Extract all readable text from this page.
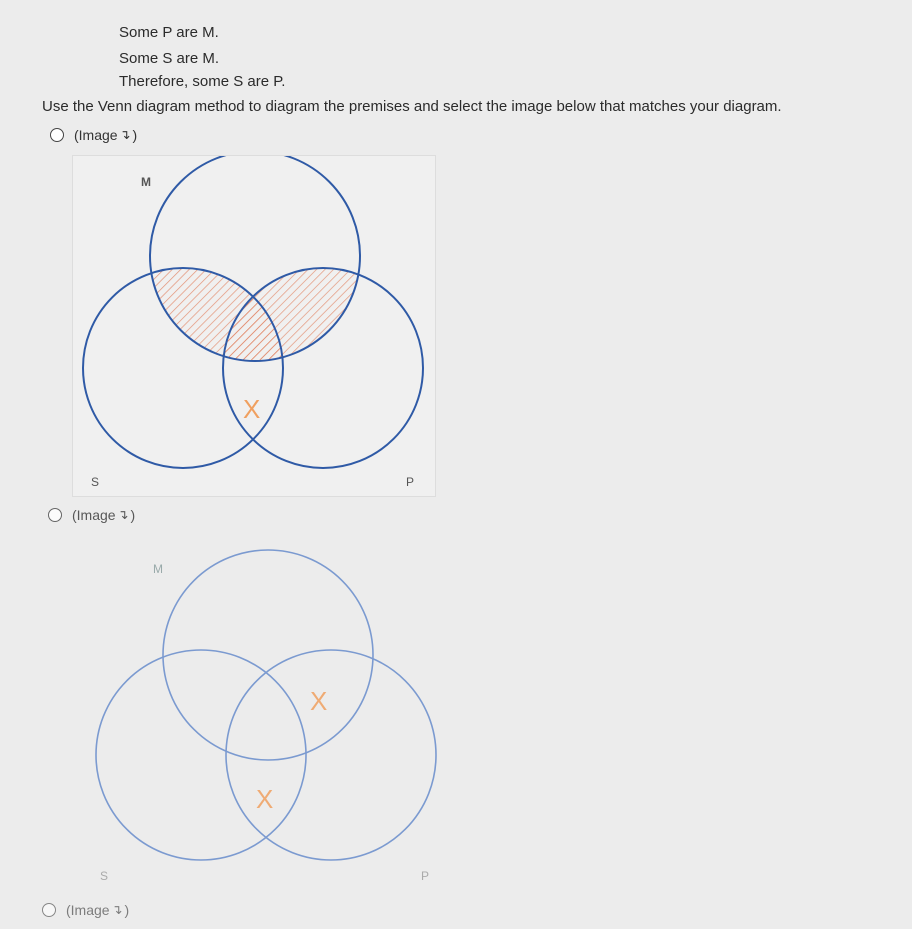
Some P are M.
Some S are M.
Therefore, some S are P.
Use the Venn diagram method to diagram the premises and select the image below that matches your diagram.
(Image ↴ )
M
S	P
X
(Image ↴ )
M
S	P
X
X
(Image ↴ )
